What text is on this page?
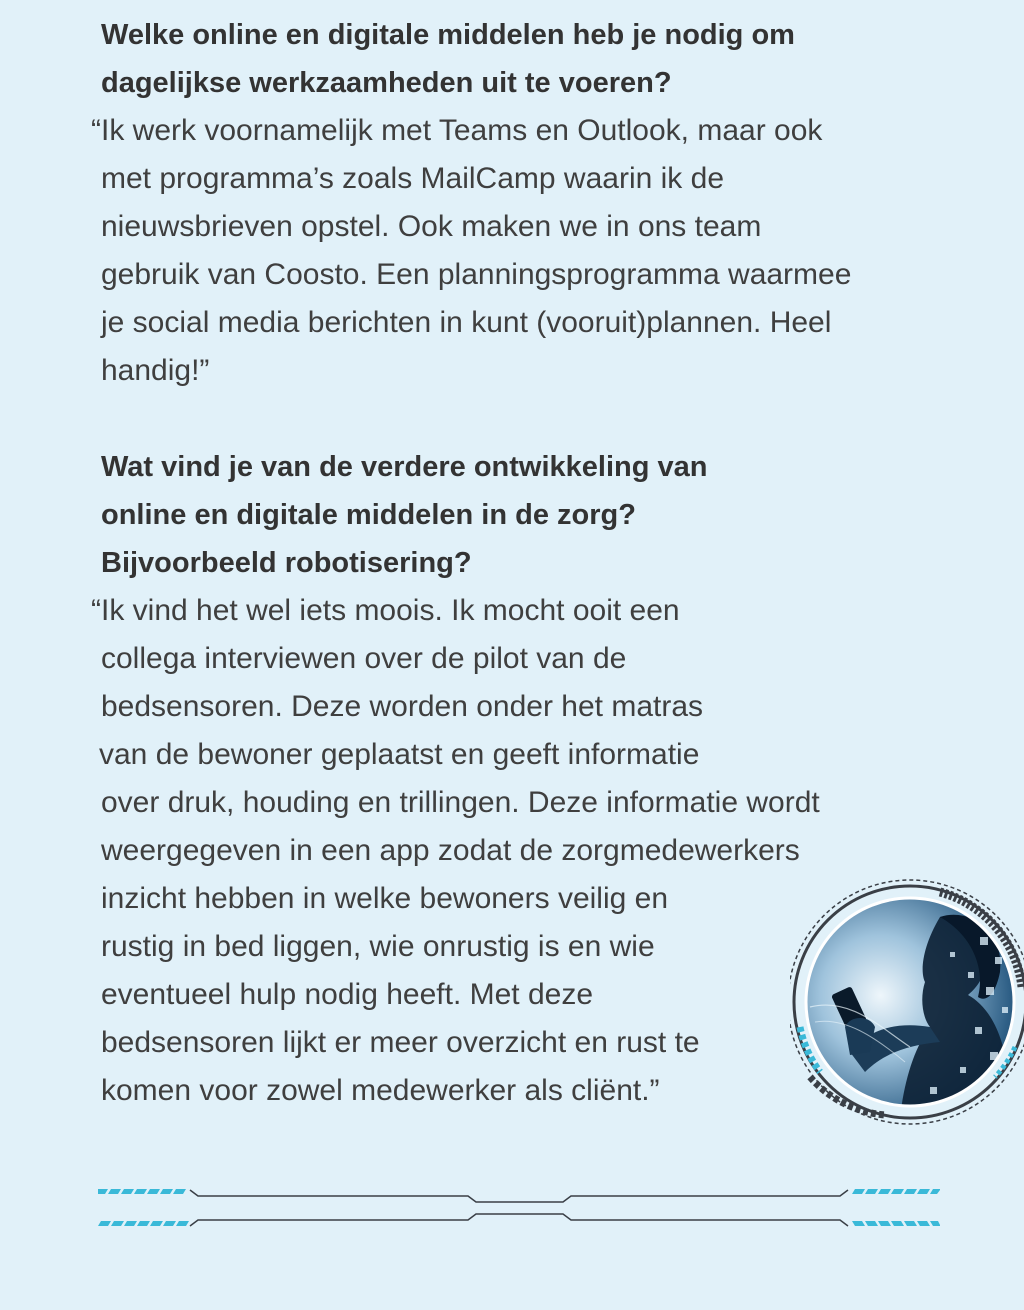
Welke online en digitale middelen heb je nodig om
dagelijkse werkzaamheden uit te voeren?

“Ik werk voornamelijk met Teams en Outlook, maar ook
met programma’s zoals MailCamp waarin ik de
nieuwsbrieven opstel. Ook maken we in ons team
gebruik van Coosto. Een planningsprogramma waarmee
je social media berichten in kunt (vooruit)plannen. Heel
handig!”

Wat vind je van de verdere ontwikkeling van
online en digitale middelen in de zorg?
Bijvoorbeeld robotisering?

“Ik vind het wel iets moois. Ik mocht ooit een
collega interviewen over de pilot van de
bedsensoren. Deze worden onder het matras
van de bewoner geplaatst en geeft informatie
over druk, houding en trillingen. Deze informatie wordt
weergegeven in een app zodat de zorgmedewerkers
inzicht hebben in welke bewoners veilig en
rustig in bed liggen, wie onrustig is en wie
eventueel hulp nodig heeft. Met deze
bedsensoren lijkt er meer overzicht en rust te
komen voor zowel medewerker als cliënt.”
